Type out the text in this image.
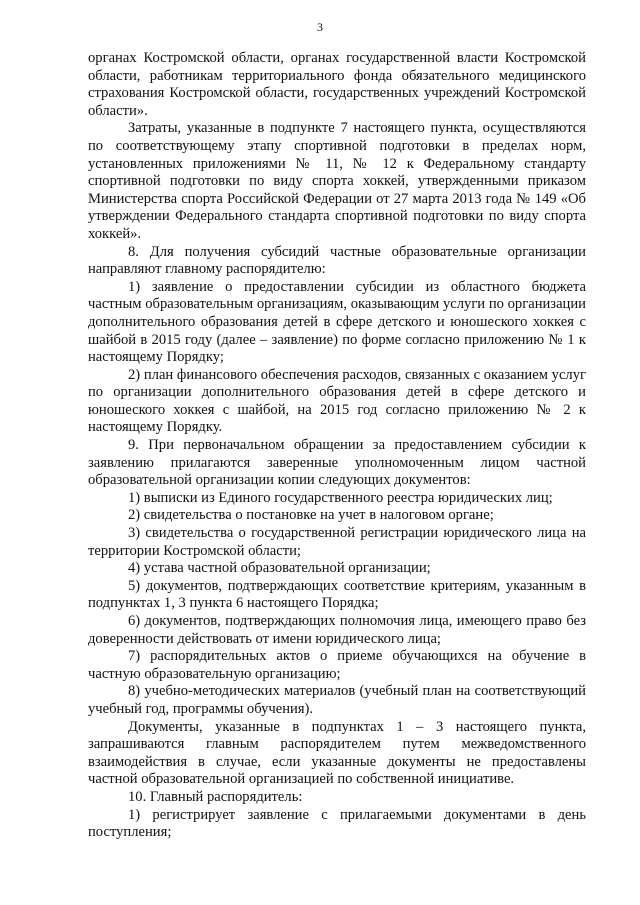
3

органах Костромской области, органах государственной власти Костромской области, работникам территориального фонда обязательного медицинского страхования Костромской области, государственных учреждений Костромской области».

Затраты, указанные в подпункте 7 настоящего пункта, осуществляются по соответствующему этапу спортивной подготовки в пределах норм, установленных приложениями № 11, № 12 к Федеральному стандарту спортивной подготовки по виду спорта хоккей, утвержденными приказом Министерства спорта Российской Федерации от 27 марта 2013 года № 149 «Об утверждении Федерального стандарта спортивной подготовки по виду спорта хоккей».

8. Для получения субсидий частные образовательные организации направляют главному распорядителю:

1) заявление о предоставлении субсидии из областного бюджета частным образовательным организациям, оказывающим услуги по организации дополнительного образования детей в сфере детского и юношеского хоккея с шайбой в 2015 году (далее – заявление) по форме согласно приложению № 1 к настоящему Порядку;

2) план финансового обеспечения расходов, связанных с оказанием услуг по организации дополнительного образования детей в сфере детского и юношеского хоккея с шайбой, на 2015 год согласно приложению № 2 к настоящему Порядку.

9. При первоначальном обращении за предоставлением субсидии к заявлению прилагаются заверенные уполномоченным лицом частной образовательной организации копии следующих документов:

1) выписки из Единого государственного реестра юридических лиц;

2) свидетельства о постановке на учет в налоговом органе;

3) свидетельства о государственной регистрации юридического лица на территории Костромской области;

4) устава частной образовательной организации;

5) документов, подтверждающих соответствие критериям, указанным в подпунктах 1, 3 пункта 6 настоящего Порядка;

6) документов, подтверждающих полномочия лица, имеющего право без доверенности действовать от имени юридического лица;

7) распорядительных актов о приеме обучающихся на обучение в частную образовательную организацию;

8) учебно-методических материалов (учебный план на соответствующий учебный год, программы обучения).

Документы, указанные в подпунктах 1 – 3 настоящего пункта, запрашиваются главным распорядителем путем межведомственного взаимодействия в случае, если указанные документы не предоставлены частной образовательной организацией по собственной инициативе.

10. Главный распорядитель:

1) регистрирует заявление с прилагаемыми документами в день поступления;
